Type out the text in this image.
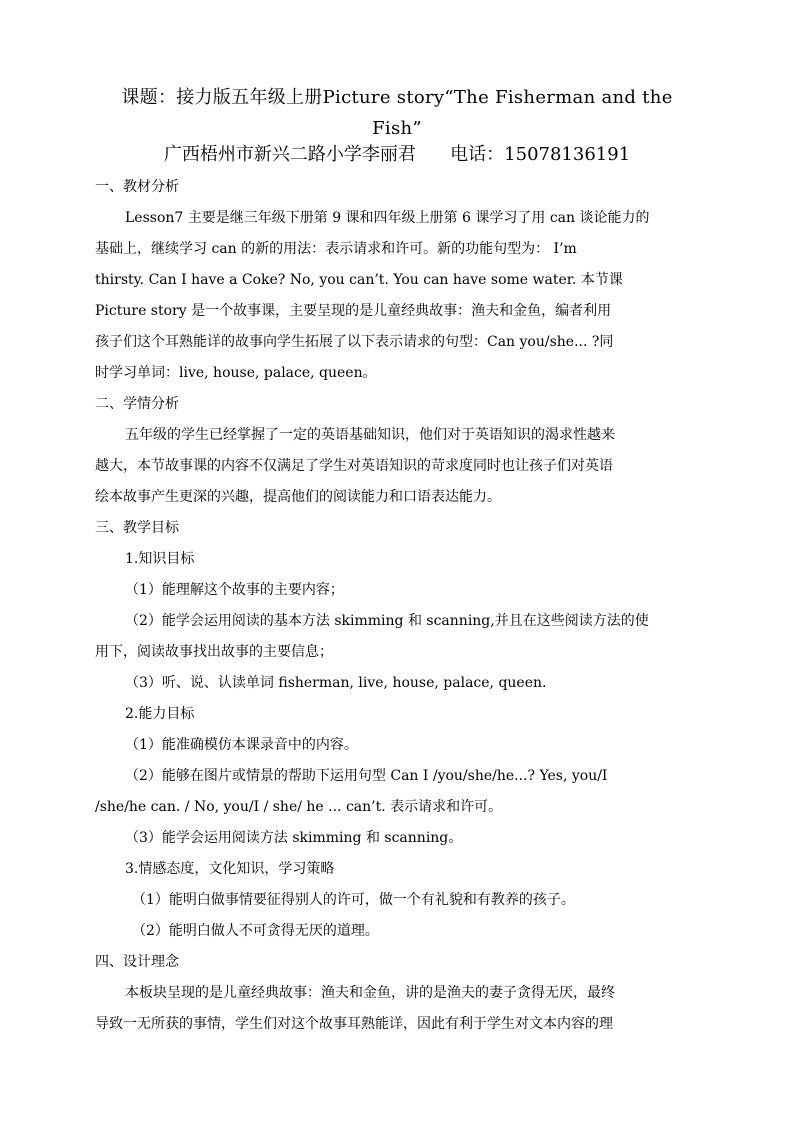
课题：接力版五年级上册Picture story“The Fisherman and the Fish”
广西梧州市新兴二路小学李丽君      电话：15078136191

一、教材分析

Lesson7 主要是继三年级下册第 9 课和四年级上册第 6 课学习了用 can 谈论能力的

基础上，继续学习 can 的新的用法：表示请求和许可。新的功能句型为： I’m

thirsty. Can I have a Coke? No, you can’t. You can have some water. 本节课

Picture story 是一个故事课，主要呈现的是儿童经典故事：渔夫和金鱼，编者利用

孩子们这个耳熟能详的故事向学生拓展了以下表示请求的句型：Can you/she... ?同

时学习单词：live, house, palace, queen。

二、学情分析

五年级的学生已经掌握了一定的英语基础知识，他们对于英语知识的渴求性越来

越大，本节故事课的内容不仅满足了学生对英语知识的苛求度同时也让孩子们对英语

绘本故事产生更深的兴趣，提高他们的阅读能力和口语表达能力。

三、教学目标

1.知识目标

（1）能理解这个故事的主要内容；

（2）能学会运用阅读的基本方法 skimming 和 scanning,并且在这些阅读方法的使

用下，阅读故事找出故事的主要信息；

（3）听、说、认读单词 fisherman, live, house, palace, queen.

2.能力目标

（1）能准确模仿本课录音中的内容。

（2）能够在图片或情景的帮助下运用句型 Can I /you/she/he...? Yes, you/I

/she/he can. / No, you/I / she/ he ... can’t. 表示请求和许可。

（3）能学会运用阅读方法 skimming 和 scanning。

3.情感态度，文化知识，学习策略

（1）能明白做事情要征得别人的许可，做一个有礼貌和有教养的孩子。

（2）能明白做人不可贪得无厌的道理。

四、设计理念

本板块呈现的是儿童经典故事：渔夫和金鱼，讲的是渔夫的妻子贪得无厌，最终

导致一无所获的事情，学生们对这个故事耳熟能详，因此有利于学生对文本内容的理
